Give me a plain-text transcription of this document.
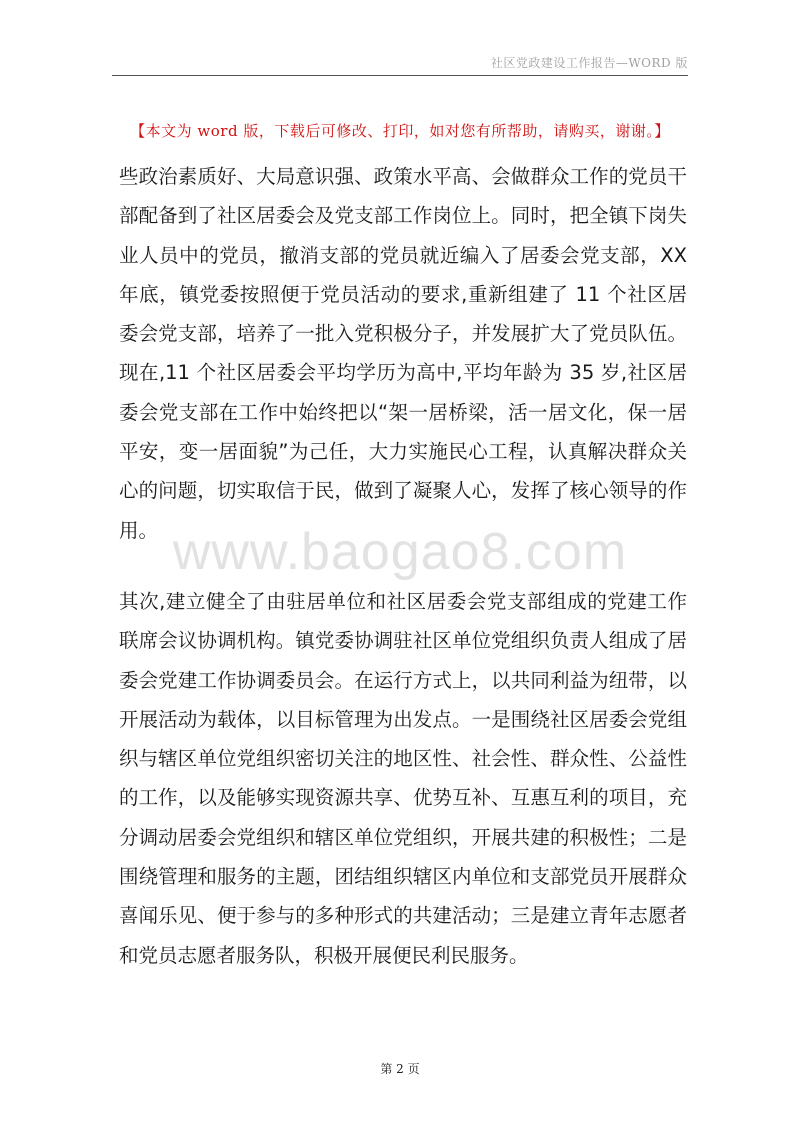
社区党政建设工作报告—WORD 版
【本文为 word 版，下载后可修改、打印，如对您有所帮助，请购买，谢谢。】
些政治素质好、大局意识强、政策水平高、会做群众工作的党员干部配备到了社区居委会及党支部工作岗位上。同时，把全镇下岗失业人员中的党员，撤消支部的党员就近编入了居委会党支部，XX 年底，镇党委按照便于党员活动的要求,重新组建了 11 个社区居委会党支部，培养了一批入党积极分子，并发展扩大了党员队伍。现在,11 个社区居委会平均学历为高中,平均年龄为 35 岁,社区居委会党支部在工作中始终把以“架一居桥梁，活一居文化，保一居平安，变一居面貌”为己任，大力实施民心工程，认真解决群众关心的问题，切实取信于民，做到了凝聚人心，发挥了核心领导的作用。 www.baogao8.com
其次,建立健全了由驻居单位和社区居委会党支部组成的党建工作联席会议协调机构。镇党委协调驻社区单位党组织负责人组成了居委会党建工作协调委员会。在运行方式上，以共同利益为纽带，以开展活动为载体，以目标管理为出发点。一是围绕社区居委会党组织与辖区单位党组织密切关注的地区性、社会性、群众性、公益性的工作，以及能够实现资源共享、优势互补、互惠互利的项目，充分调动居委会党组织和辖区单位党组织，开展共建的积极性；二是围绕管理和服务的主题，团结组织辖区内单位和支部党员开展群众喜闻乐见、便于参与的多种形式的共建活动；三是建立青年志愿者和党员志愿者服务队，积极开展便民利民服务。
第 2 页
